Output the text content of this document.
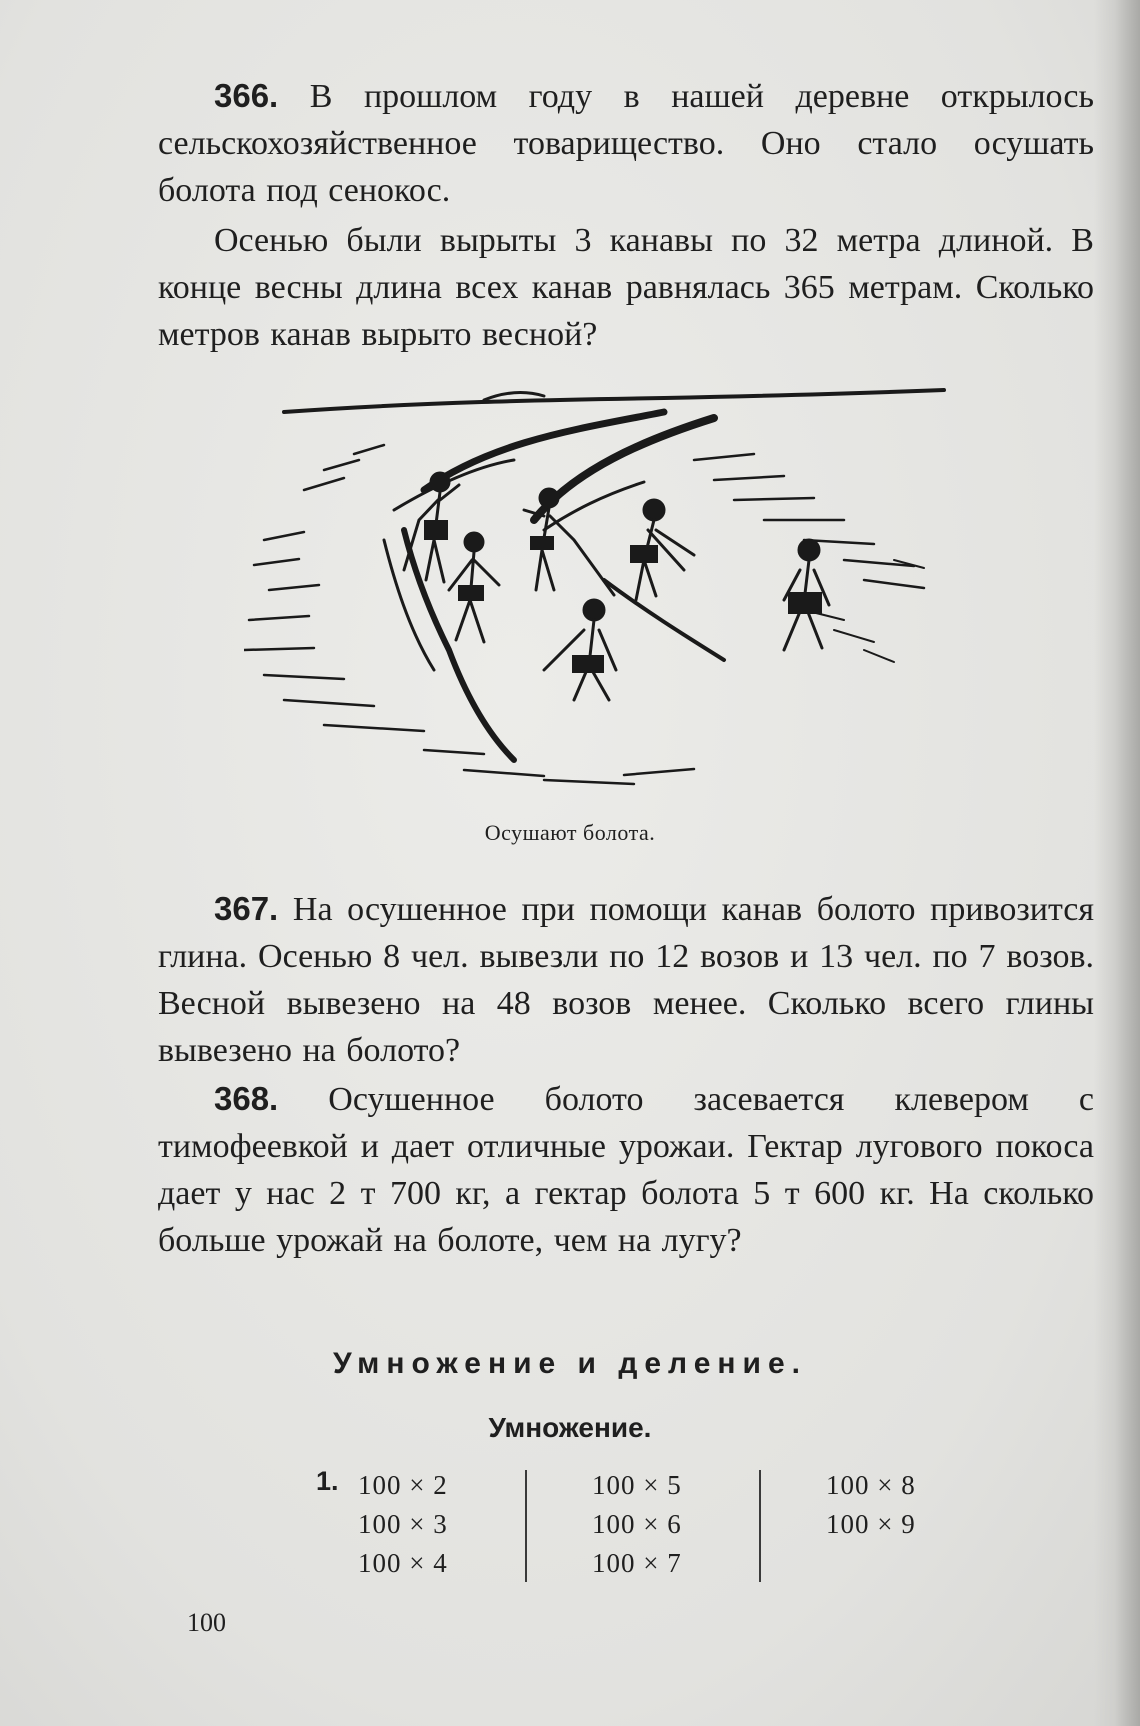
366. В прошлом году в нашей деревне открылось сельскохозяйственное товарищество. Оно стало осушать болота под сенокос.

Осенью были вырыты 3 канавы по 32 метра длиной. В конце весны длина всех канав равнялась 365 метрам. Сколько метров канав вырыто весной?

Осушают болота.

367. На осушенное при помощи канав болото привозится глина. Осенью 8 чел. вывезли по 12 возов и 13 чел. по 7 возов. Весной вывезено на 48 возов менее. Сколько всего глины вывезено на болото?

368. Осушенное болото засевается клевером с тимофеевкой и дает отличные урожаи. Гектар лугового покоса дает у нас 2 т 700 кг, а гектар болота 5 т 600 кг. На сколько больше урожай на болоте, чем на лугу?

Умножение и деление.
Умножение.
1. 100 × 2
100 × 3
100 × 4
100 × 5
100 × 6
100 × 7
100 × 8
100 × 9
100
